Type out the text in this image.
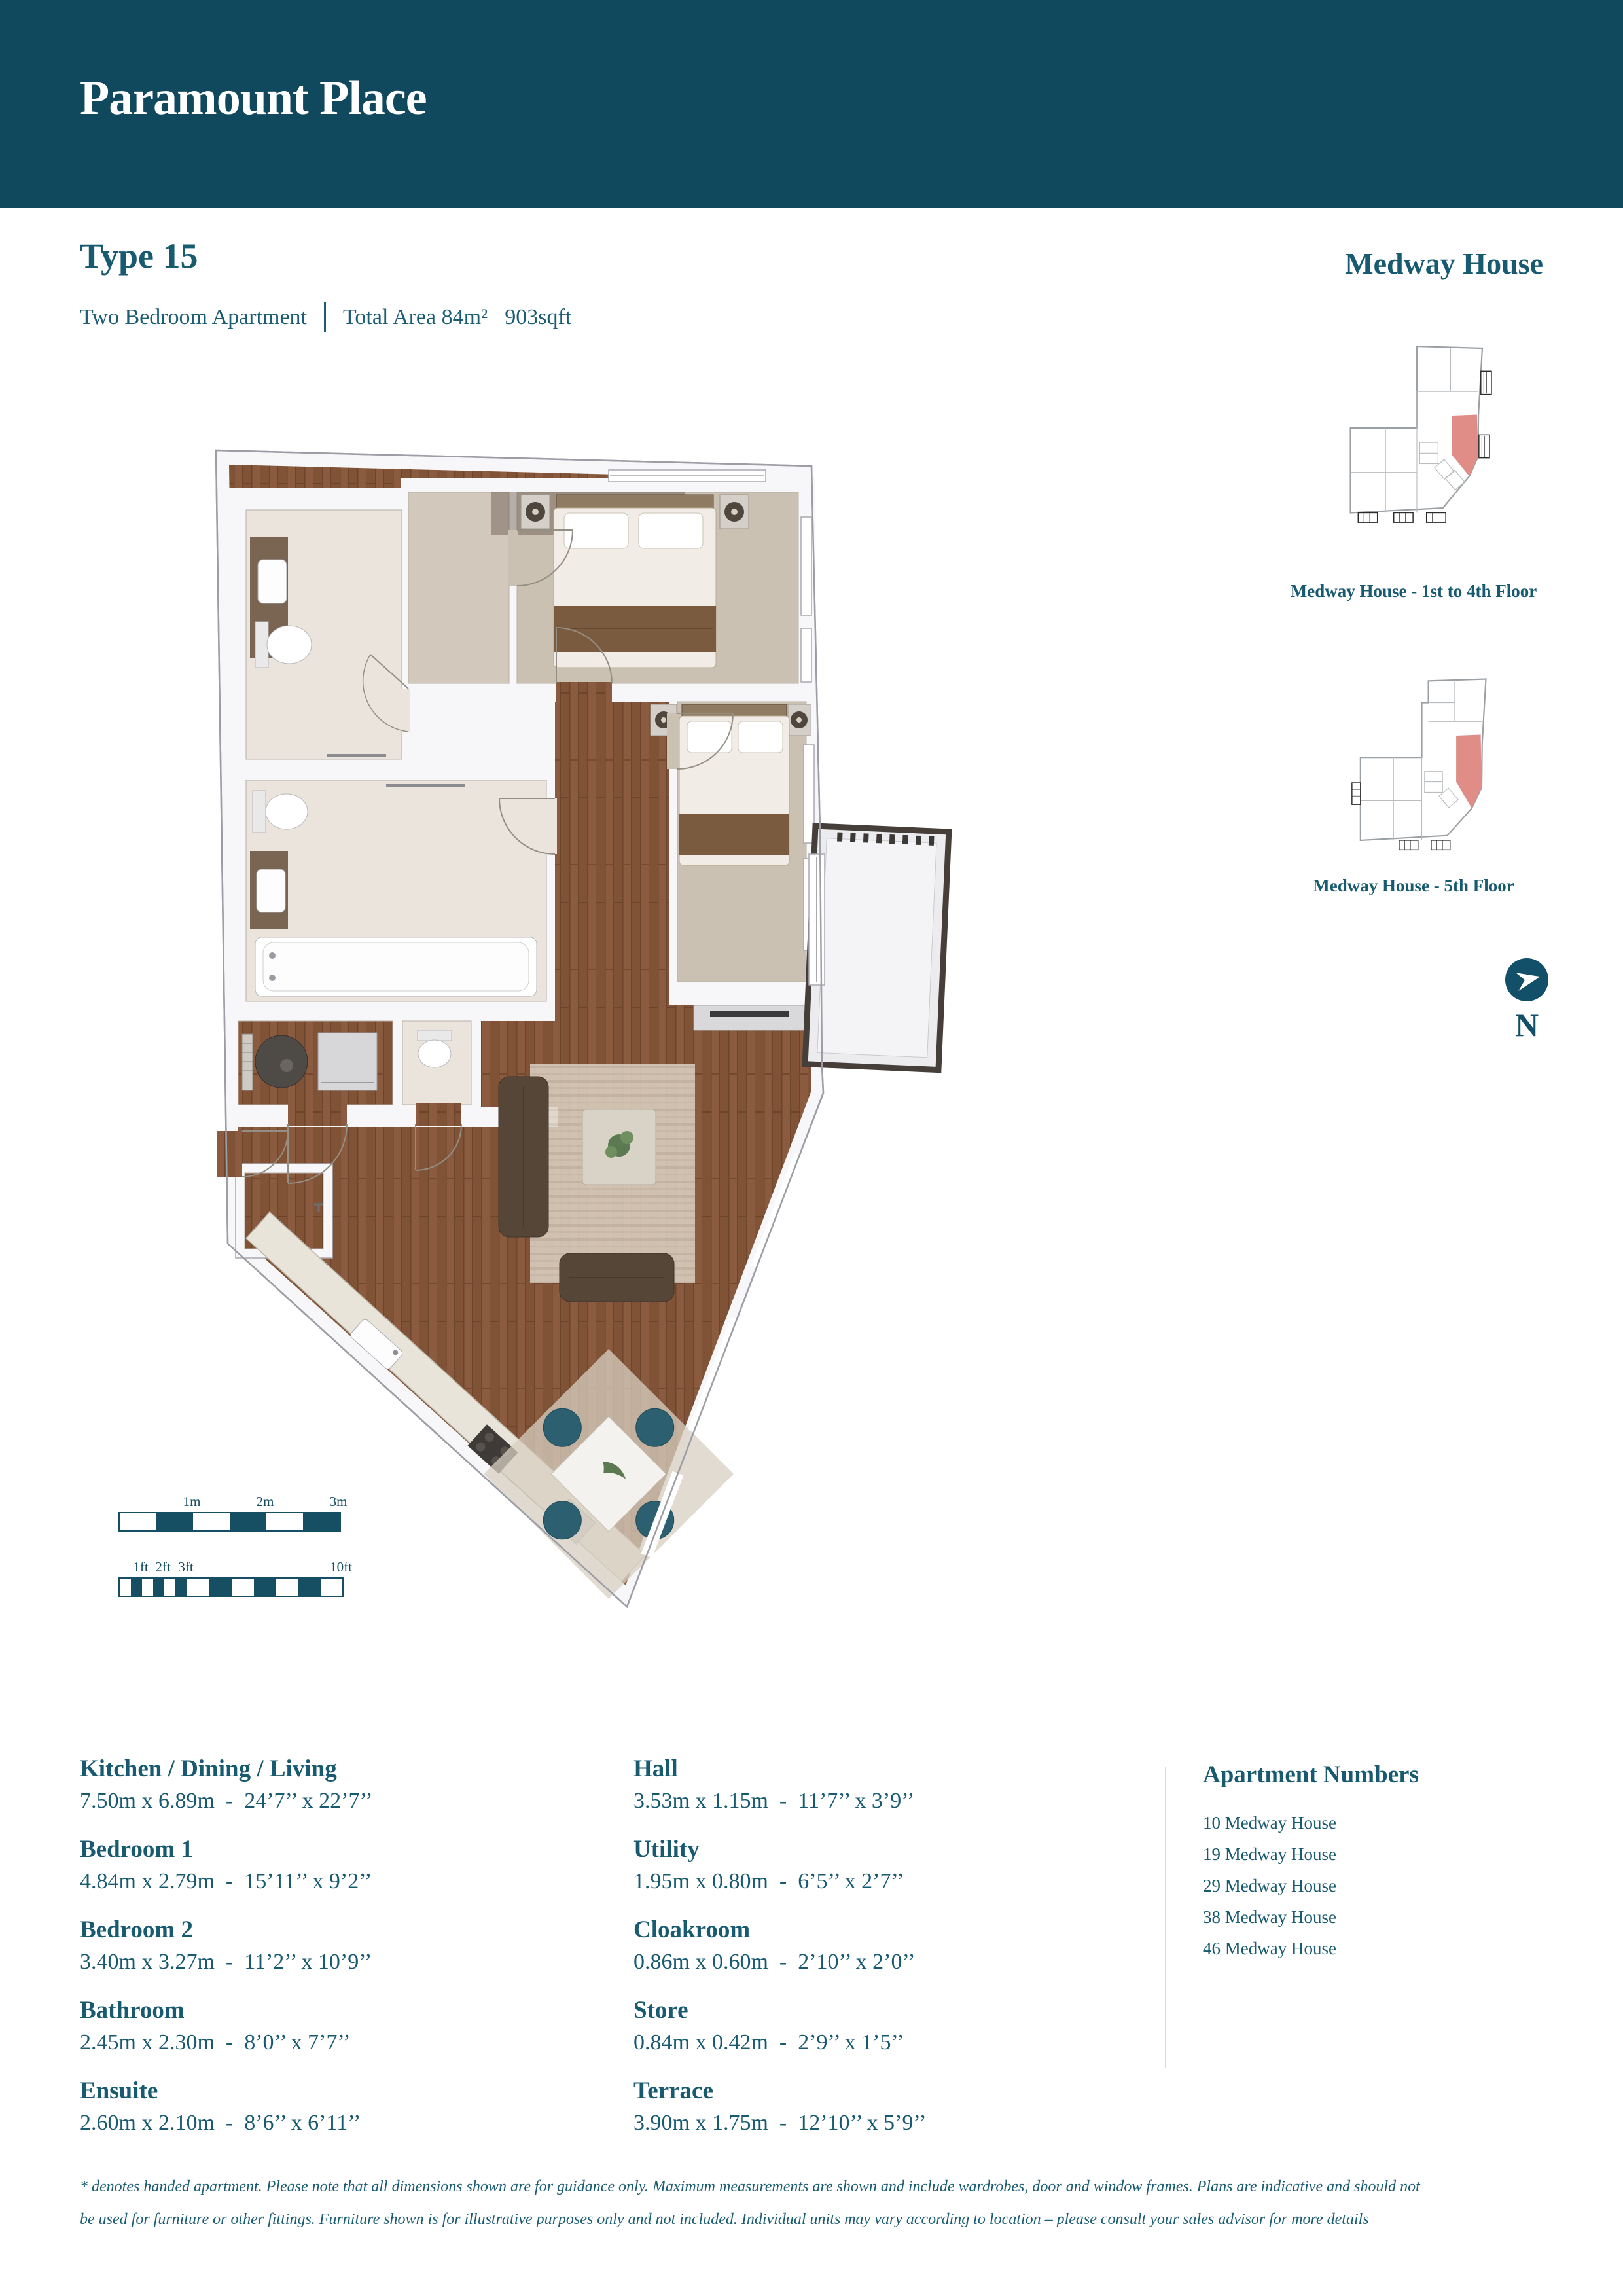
Paramount Place
Type 15
Two Bedroom Apartment Total Area 84m² 903sqft
Medway House
Medway House - 1st to 4th Floor
Medway House - 5th Floor
N
1m	2m	3m
1ft 2ft 3ft	10ft
Kitchen / Dining / Living

7.50m x 6.89m  -  24’7’’ x 22’7’’

Bedroom 1

4.84m x 2.79m  -  15’11’’ x 9’2’’

Bedroom 2

3.40m x 3.27m  -  11’2’’ x 10’9’’

Bathroom

2.45m x 2.30m  -  8’0’’ x 7’7’’

Ensuite

2.60m x 2.10m  -  8’6’’ x 6’11’’

Hall

3.53m x 1.15m  -  11’7’’ x 3’9’’

Utility

1.95m x 0.80m  -  6’5’’ x 2’7’’

Cloakroom

0.86m x 0.60m  -  2’10’’ x 2’0’’

Store

0.84m x 0.42m  -  2’9’’ x 1’5’’

Terrace

3.90m x 1.75m  -  12’10’’ x 5’9’’

Apartment Numbers
10 Medway House
19 Medway House
29 Medway House
38 Medway House
46 Medway House
* denotes handed apartment. Please note that all dimensions shown are for guidance only. Maximum measurements are shown and include wardrobes, door and window frames. Plans are indicative and should not
be used for furniture or other fittings. Furniture shown is for illustrative purposes only and not included. Individual units may vary according to location – please consult your sales advisor for more details
